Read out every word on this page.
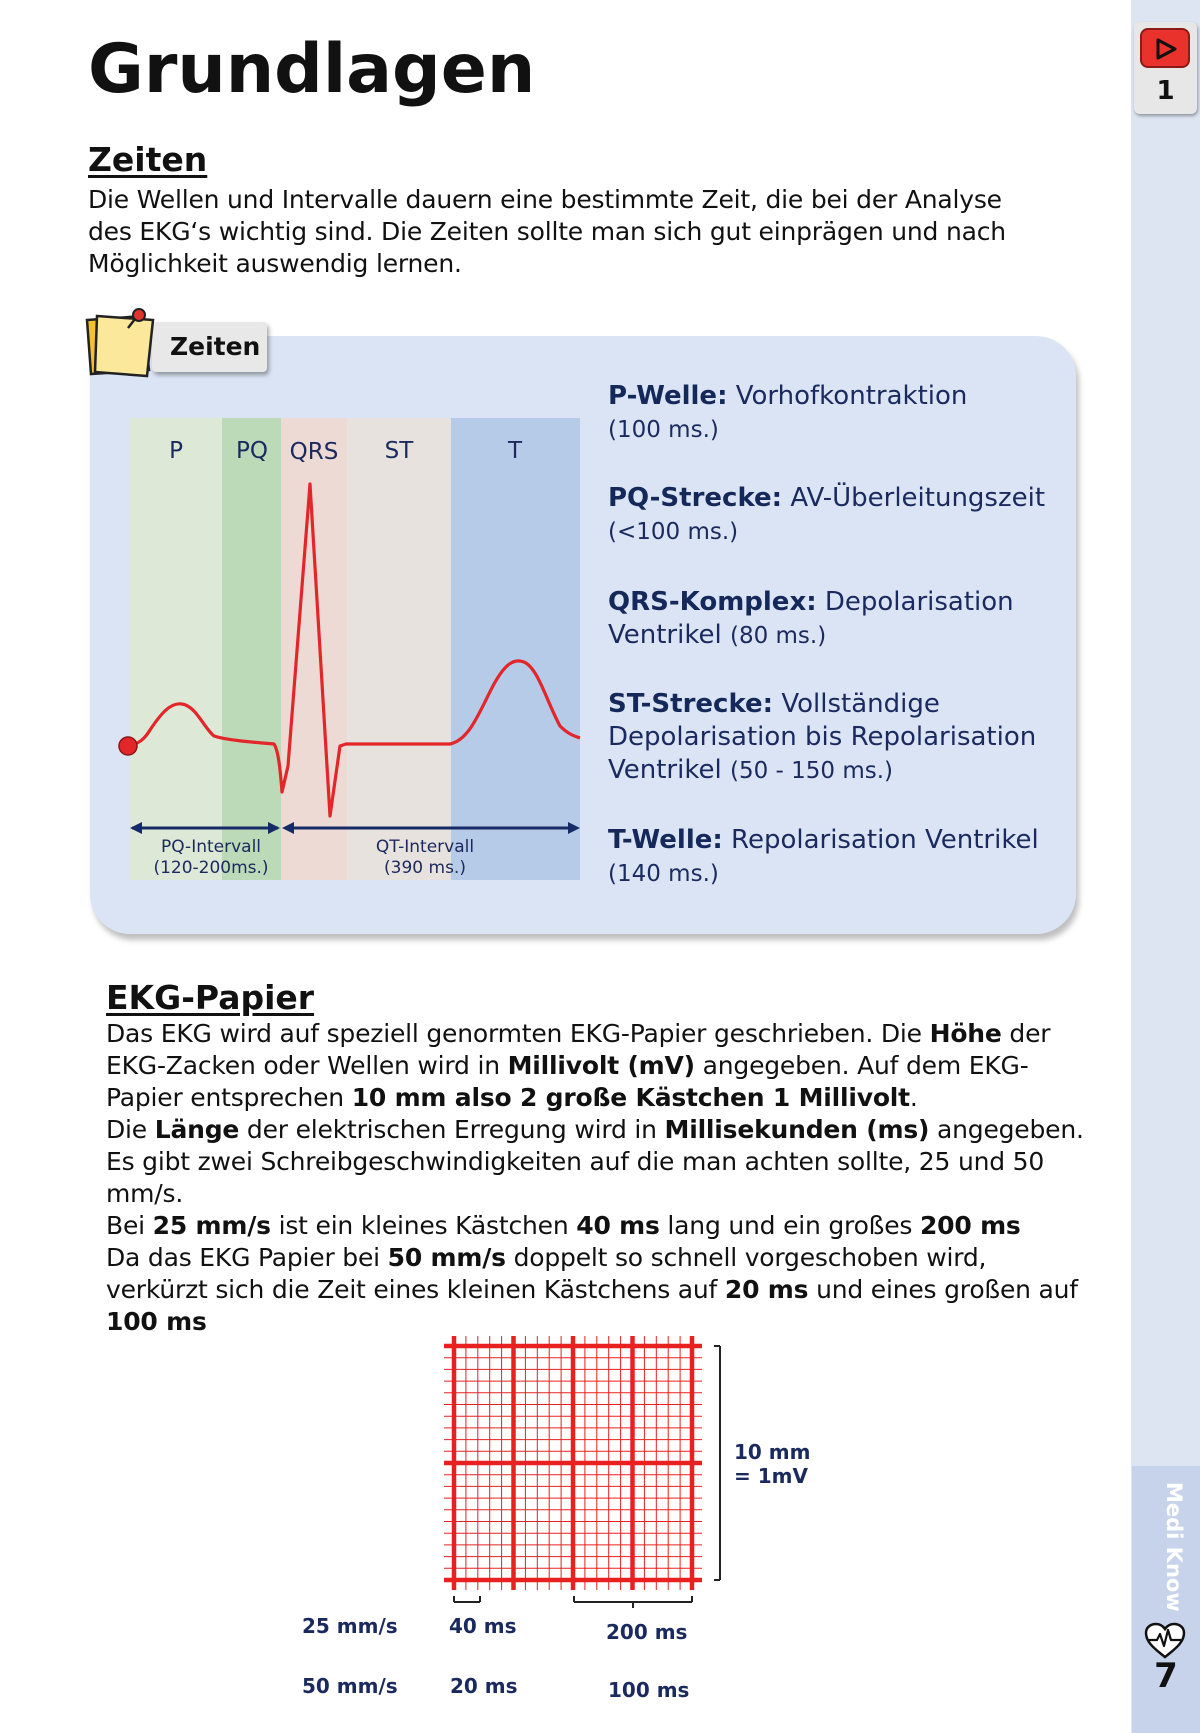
1
Medi Know
7
Grundlagen
Zeiten

Die Wellen und Intervalle dauern eine bestimmte Zeit, die bei der Analyse

des EKG‘s wichtig sind. Die Zeiten sollte man sich gut einprägen und nach

Möglichkeit auswendig lernen.

Zeiten
P PQ QRS ST	T
PQ-Intervall
(120-200ms.)
QT-Intervall
(390 ms.)
P-Welle: Vorhofkontraktion
(100 ms.)
PQ-Strecke: AV-Überleitungszeit
(<100 ms.)
QRS-Komplex: Depolarisation
Ventrikel (80 ms.)
ST-Strecke: Vollständige
Depolarisation bis Repolarisation
Ventrikel (50 - 150 ms.)
T-Welle: Repolarisation Ventrikel
(140 ms.)
EKG-Papier
Das EKG wird auf speziell genormten EKG-Papier geschrieben. Die Höhe der
EKG-Zacken oder Wellen wird in Millivolt (mV) angegeben. Auf dem EKG-
Papier entsprechen 10 mm also 2 große Kästchen 1 Millivolt.
Die Länge der elektrischen Erregung wird in Millisekunden (ms) angegeben.
Es gibt zwei Schreibgeschwindigkeiten auf die man achten sollte, 25 und 50
mm/s.
Bei 25 mm/s ist ein kleines Kästchen 40 ms lang und ein großes 200 ms
Da das EKG Papier bei 50 mm/s doppelt so schnell vorgeschoben wird,
verkürzt sich die Zeit eines kleinen Kästchens auf 20 ms und eines großen auf
100 ms
10 mm
= 1mV
25 mm/s	40 ms	200 ms
50 mm/s	20 ms	100 ms
